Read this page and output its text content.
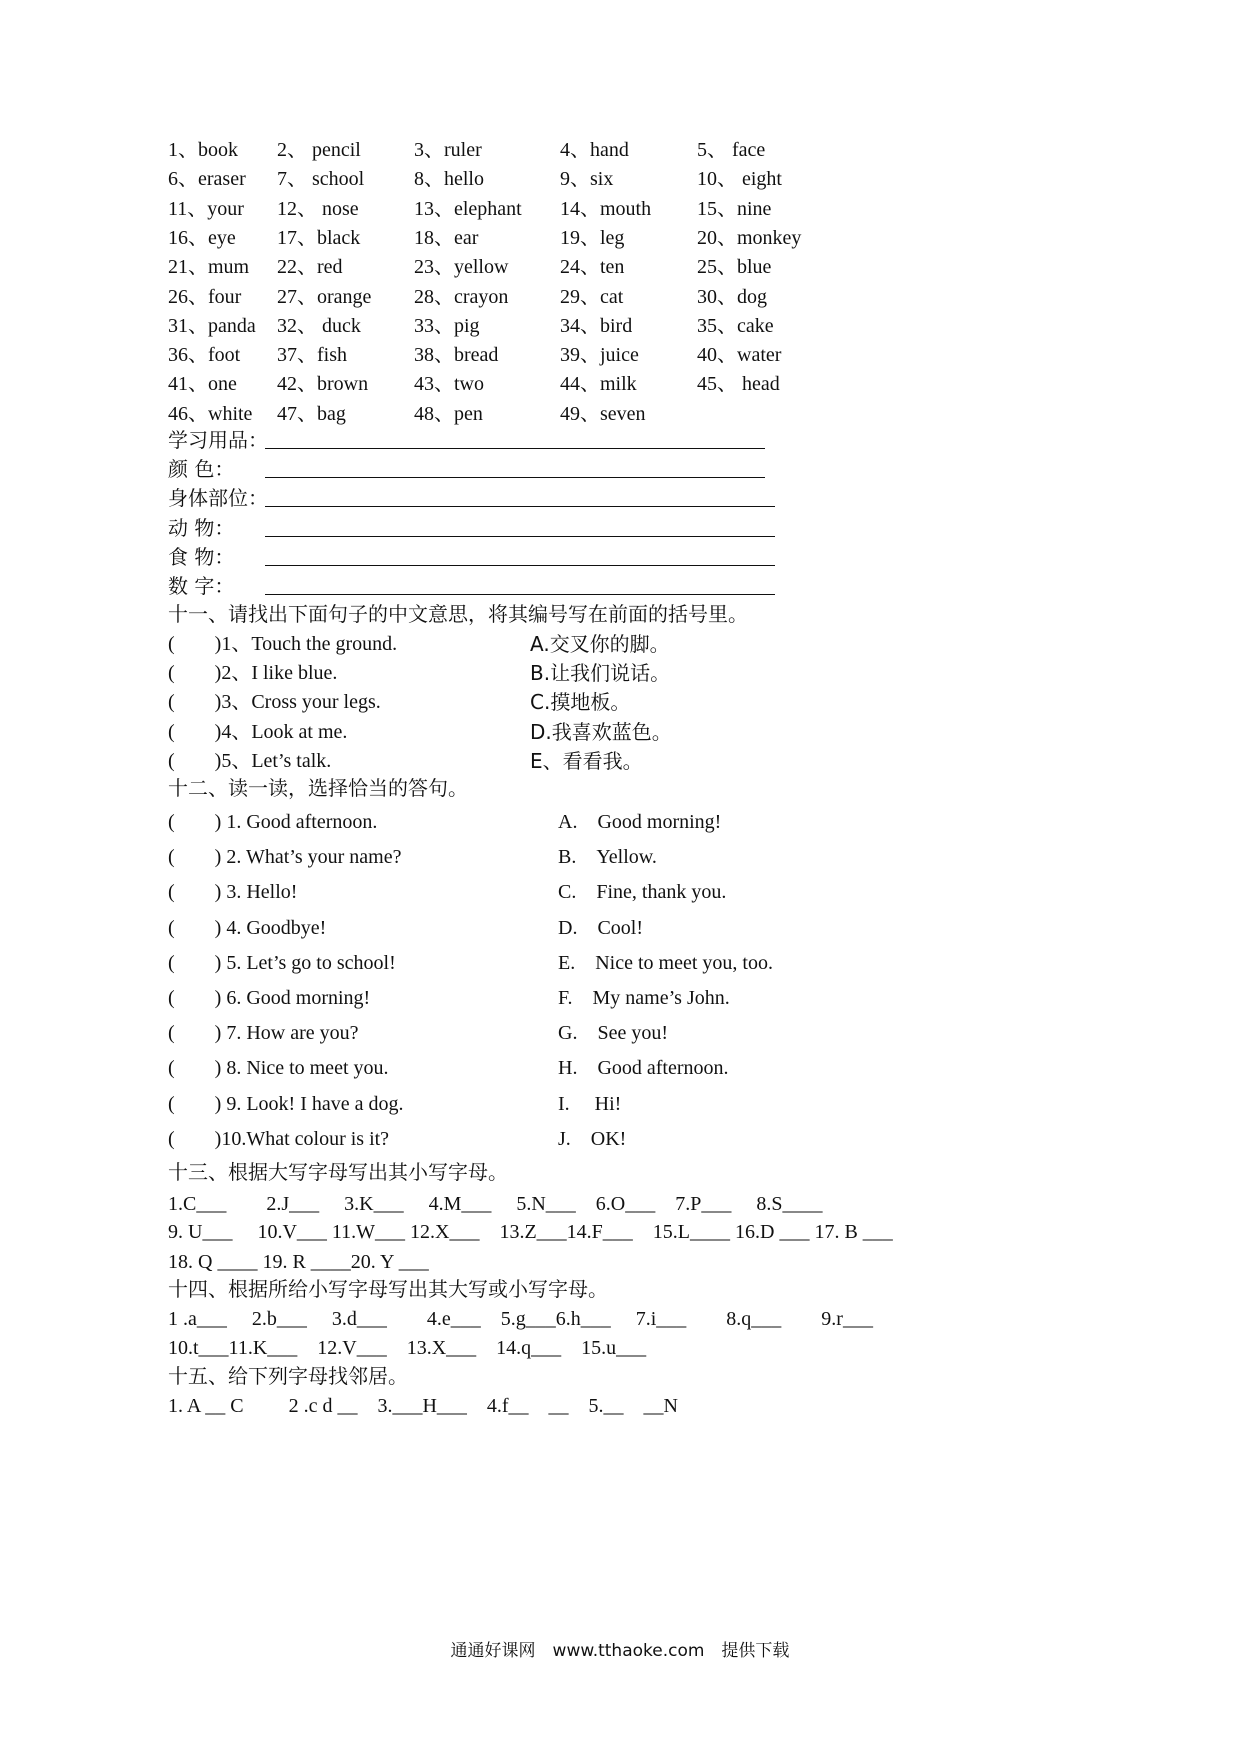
1、book 2、 pencil	3、ruler	4、hand	5、 face
6、eraser 7、 school 8、hello	9、six	10、 eight
11、your 12、 nose	13、elephant 14、mouth 15、nine
16、eye 17、black	18、ear	19、leg	20、monkey
21、mum 22、red	23、yellow	24、ten	25、blue
26、four 27、orange 28、crayon	29、cat	30、dog
31、panda 32、 duck	33、pig	34、bird	35、cake
36、foot 37、fish	38、bread	39、juice	40、water
41、one 42、brown 43、two	44、milk	45、 head
46、white 47、bag	48、pen	49、seven
学习用品：
颜 色：
身体部位：
动 物：
食 物：
数 字：
十一、请找出下面句子的中文意思，将其编号写在前面的括号里。
(　　)1、Touch the ground.	A.交叉你的脚。
(　　)2、I like blue.	B.让我们说话。
(　　)3、Cross your legs.	C.摸地板。
(　　)4、Look at me.	D.我喜欢蓝色。
(　　)5、Let’s talk.	E、看看我。
十二、读一读，选择恰当的答句。
(　　) 1. Good afternoon.	A.　Good morning!
(　　) 2. What’s your name?	B.　Yellow.
(　　) 3. Hello!	C.　Fine, thank you.
(　　) 4. Goodbye!	D.　Cool!
(　　) 5. Let’s go to school!	E.　Nice to meet you, too.
(　　) 6. Good morning!	F.　My name’s John.
(　　) 7. How are you?	G.　See you!
(　　) 8. Nice to meet you.	H.　Good afternoon.
(　　) 9. Look! I have a dog.	I.　 Hi!
(　　)10.What colour is it?	J.　OK!
十三、根据大写字母写出其小写字母。
1.C___　　2.J___　 3.K___　 4.M___　 5.N___　6.O___　7.P___　 8.S____
9. U___　 10.V___ 11.W___ 12.X___　13.Z___14.F___　15.L____ 16.D ___ 17. B ___
18. Q ____ 19. R ____20. Y ___
十四、根据所给小写字母写出其大写或小写字母。
1 .a___　 2.b___　 3.d___　　4.e___　5.g___6.h___　 7.i___　　8.q___　　9.r___
10.t___11.K___　12.V___　13.X___　14.q___　15.u___
十五、给下列字母找邻居。
1. A __ C　　 2 .c d __　3.___H___　4.f__　__　5.__　__N
通通好课网　www.tthaoke.com　提供下载
